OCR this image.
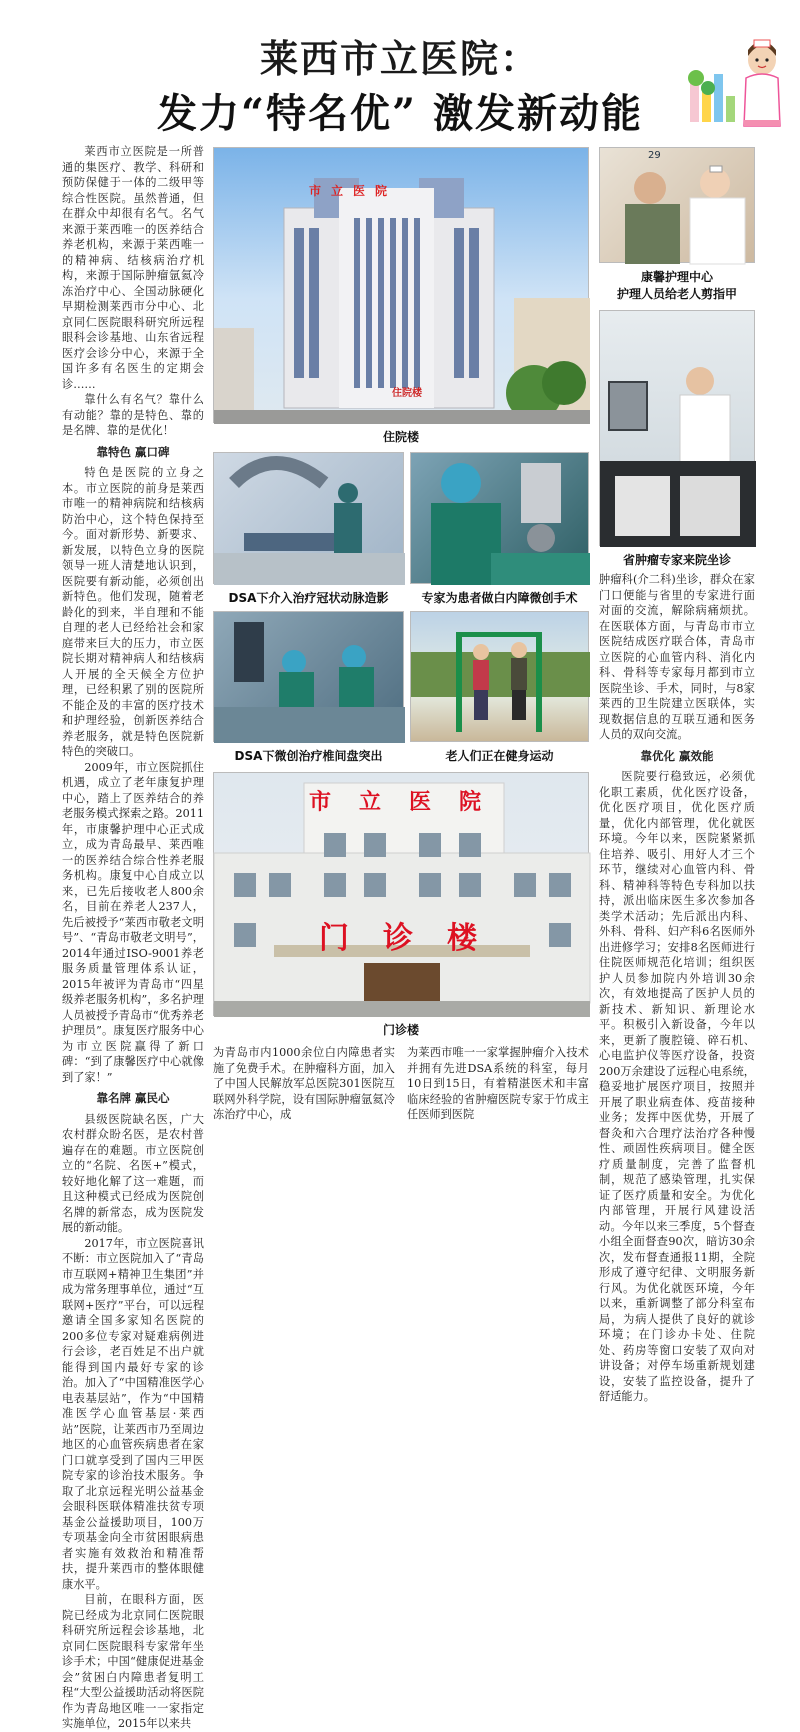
莱西市立医院：
发力“特名优” 激发新动能

莱西市立医院是一所普通的集医疗、教学、科研和预防保健于一体的二级甲等综合性医院。虽然普通，但在群众中却很有名气。名气来源于莱西唯一的医养结合养老机构，来源于莱西唯一的精神病、结核病治疗机构，来源于国际肿瘤氩氦冷冻治疗中心、全国动脉硬化早期检测莱西市分中心、北京同仁医院眼科研究所远程眼科会诊基地、山东省远程医疗会诊分中心，来源于全国许多有名医生的定期会诊……

靠什么有名气？靠什么有动能？靠的是特色、靠的是名牌、靠的是优化！

靠特色 赢口碑

特色是医院的立身之本。市立医院的前身是莱西市唯一的精神病院和结核病防治中心，这个特色保持至今。面对新形势、新要求、新发展，以特色立身的医院领导一班人清楚地认识到，医院要有新动能，必须创出新特色。他们发现，随着老龄化的到来，半自理和不能自理的老人已经给社会和家庭带来巨大的压力，市立医院长期对精神病人和结核病人开展的全天候全方位护理，已经积累了别的医院所不能企及的丰富的医疗技术和护理经验，创新医养结合养老服务，就是特色医院新特色的突破口。

2009年，市立医院抓住机遇，成立了老年康复护理中心，踏上了医养结合的养老服务模式探索之路。2011年，市康馨护理中心正式成立，成为青岛最早、莱西唯一的医养结合综合性养老服务机构。康复中心自成立以来，已先后接收老人800余名，目前在养老人237人，先后被授予“莱西市敬老文明号”、“青岛市敬老文明号”，2014年通过ISO-9001养老服务质量管理体系认证，2015年被评为青岛市“四星级养老服务机构”，多名护理人员被授予青岛市“优秀养老护理员”。康复医疗服务中心为市立医院赢得了新口碑：“到了康馨医疗中心就像到了家！”

靠名牌 赢民心

县级医院缺名医，广大农村群众盼名医，是农村普遍存在的难题。市立医院创立的“名院、名医+”模式，较好地化解了这一难题，而且这种模式已经成为医院创名牌的新常态，成为医院发展的新动能。

2017年，市立医院喜讯不断：市立医院加入了“青岛市互联网+精神卫生集团”并成为常务理事单位，通过“互联网+医疗”平台，可以远程邀请全国多家知名医院的200多位专家对疑难病例进行会诊，老百姓足不出户就能得到国内最好专家的诊治。加入了“中国精准医学心电表基层站”，作为“中国精准医学心血管基层·莱西站”医院，让莱西市乃至周边地区的心血管疾病患者在家门口就享受到了国内三甲医院专家的诊治技术服务。争取了北京远程光明公益基金会眼科医联体精准扶贫专项基金公益援助项目，100万专项基金向全市贫困眼病患者实施有效救治和精准帮扶，提升莱西市的整体眼健康水平。

目前，在眼科方面，医院已经成为北京同仁医院眼科研究所远程会诊基地，北京同仁医院眼科专家常年坐诊手术；中国“健康促进基金会”贫困白内障患者复明工程“大型公益援助活动将医院作为青岛地区唯一一家指定实施单位，2015年以来共

市立医院
住院楼
住院楼
DSA下介入治疗冠状动脉造影	专家为患者做白内障微创手术
DSA下微创治疗椎间盘突出	老人们正在健身运动
市立医院
门诊楼
门诊楼

为青岛市内1000余位白内障患者实施了免费手术。在肿瘤科方面，加入了中国人民解放军总医院301医院互联网外科学院，设有国际肿瘤氩氦冷冻治疗中心，成

为莱西市唯一一家掌握肿瘤介入技术并拥有先进DSA系统的科室，每月10日到15日，有着精湛医术和丰富临床经验的省肿瘤医院专家于竹成主任医师到医院

29
康馨护理中心
护理人员给老人剪指甲
省肿瘤专家来院坐诊

肿瘤科(介二科)坐诊，群众在家门口便能与省里的专家进行面对面的交流，解除病痛烦扰。在医联体方面，与青岛市市立医院结成医疗联合体，青岛市立医院的心血管内科、消化内科、骨科等专家每月都到市立医院坐诊、手术，同时，与8家莱西的卫生院建立医联体，实现数据信息的互联互通和医务人员的双向交流。

靠优化 赢效能

医院要行稳致远，必须优化职工素质，优化医疗设备，优化医疗项目，优化医疗质量，优化内部管理，优化就医环境。今年以来，医院紧紧抓住培养、吸引、用好人才三个环节，继续对心血管内科、骨科、精神科等特色专科加以扶持，派出临床医生多次参加各类学术活动；先后派出内科、外科、骨科、妇产科6名医师外出进修学习；安排8名医师进行住院医师规范化培训；组织医护人员参加院内外培训30余次，有效地提高了医护人员的新技术、新知识、新理论水平。积极引入新设备，今年以来，更新了腹腔镜、碎石机、心电监护仪等医疗设备，投资200万余建设了远程心电系统，稳妥地扩展医疗项目，按照并开展了职业病查体、疫苗接种业务；发挥中医优势，开展了督灸和六合理疗法治疗各种慢性、顽固性疾病项目。健全医疗质量制度，完善了监督机制，规范了感染管理，扎实保证了医疗质量和安全。为优化内部管理，开展行风建设活动。今年以来三季度，5个督查小组全面督查90次，暗访30余次，发布督查通报11期，全院形成了遵守纪律、文明服务新行风。为优化就医环境，今年以来，重新调整了部分科室布局，为病人提供了良好的就诊环境；在门诊办卡处、住院处、药房等窗口安装了双向对讲设备；对停车场重新规划建设，安装了监控设备，提升了舒适能力。
